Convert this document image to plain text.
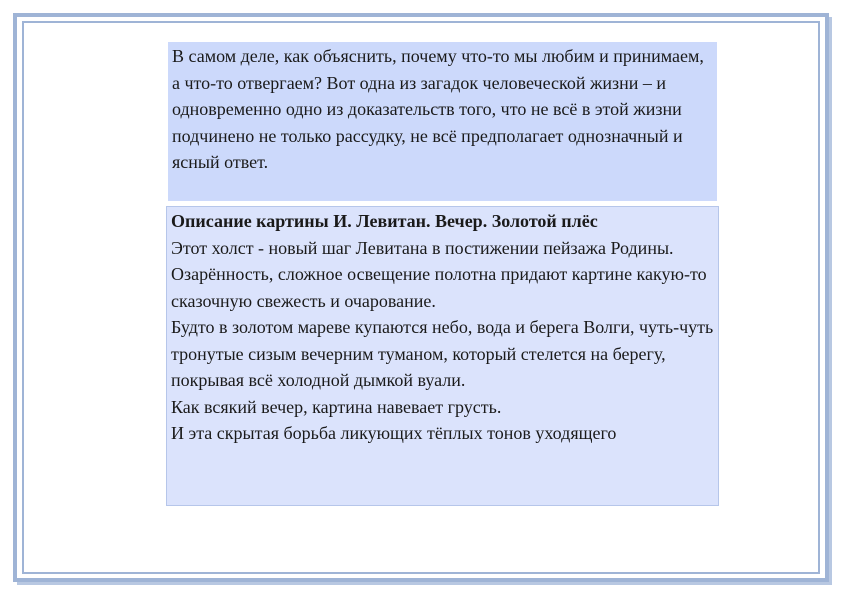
В самом деле, как объяснить, почему что-то мы любим и принимаем, а что-то отвергаем? Вот одна из загадок человеческой жизни – и одновременно одно из доказательств того, что не всё в этой жизни подчинено не только рассудку, не всё предполагает однозначный и ясный ответ.
Описание картины И. Левитан. Вечер. Золотой плёс
Этот холст - новый шаг Левитана в постижении пейзажа Родины. Озарённость, сложное освещение полотна придают картине какую-то сказочную свежесть и очарование.
Будто в золотом мареве купаются небо, вода и берега Волги, чуть-чуть тронутые сизым вечерним туманом, который стелется на берегу, покрывая всё холодной дымкой вуали.
Как всякий вечер, картина навевает грусть.
И эта скрытая борьба ликующих тёплых тонов уходящего
